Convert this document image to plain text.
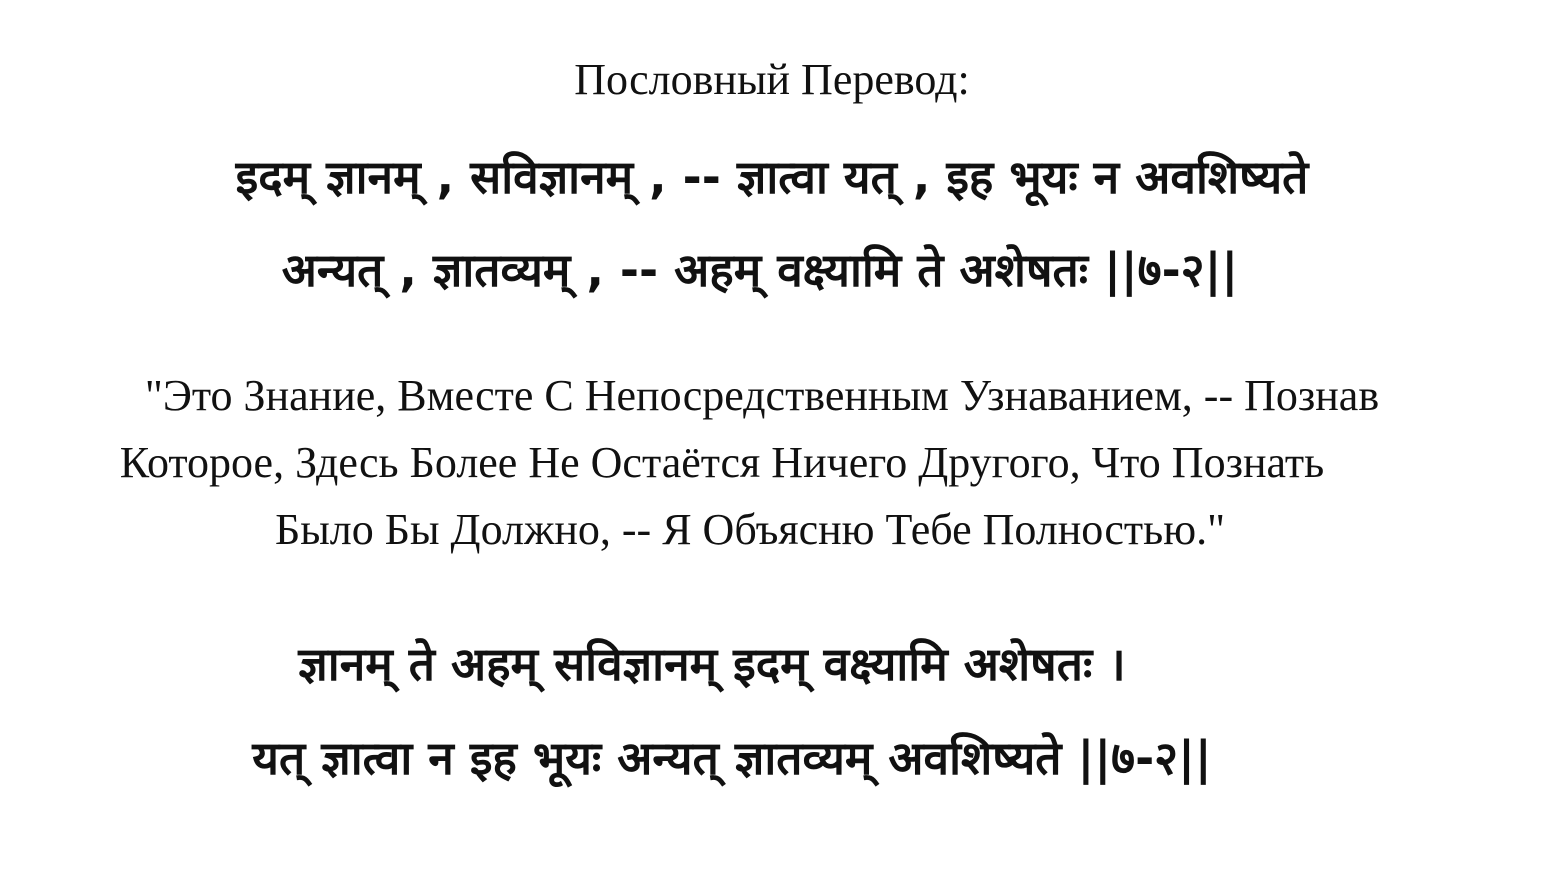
Пословный Перевод:
इदम् ज्ञानम् , सविज्ञानम् , -- ज्ञात्वा यत् , इह भूयः न अवशिष्यते
अन्यत् , ज्ञातव्यम् , -- अहम् वक्ष्यामि ते अशेषतः ||७-२||
"Это Знание, Вместе С Непосредственным Узнаванием, -- Познав
Которое, Здесь Более Не Остаётся Ничего Другого, Что Познать
Было Бы Должно, -- Я Объясню Тебе Полностью."
ज्ञानम् ते अहम् सविज्ञानम् इदम् वक्ष्यामि अशेषतः ।
यत् ज्ञात्वा न इह भूयः अन्यत् ज्ञातव्यम् अवशिष्यते ||७-२||
